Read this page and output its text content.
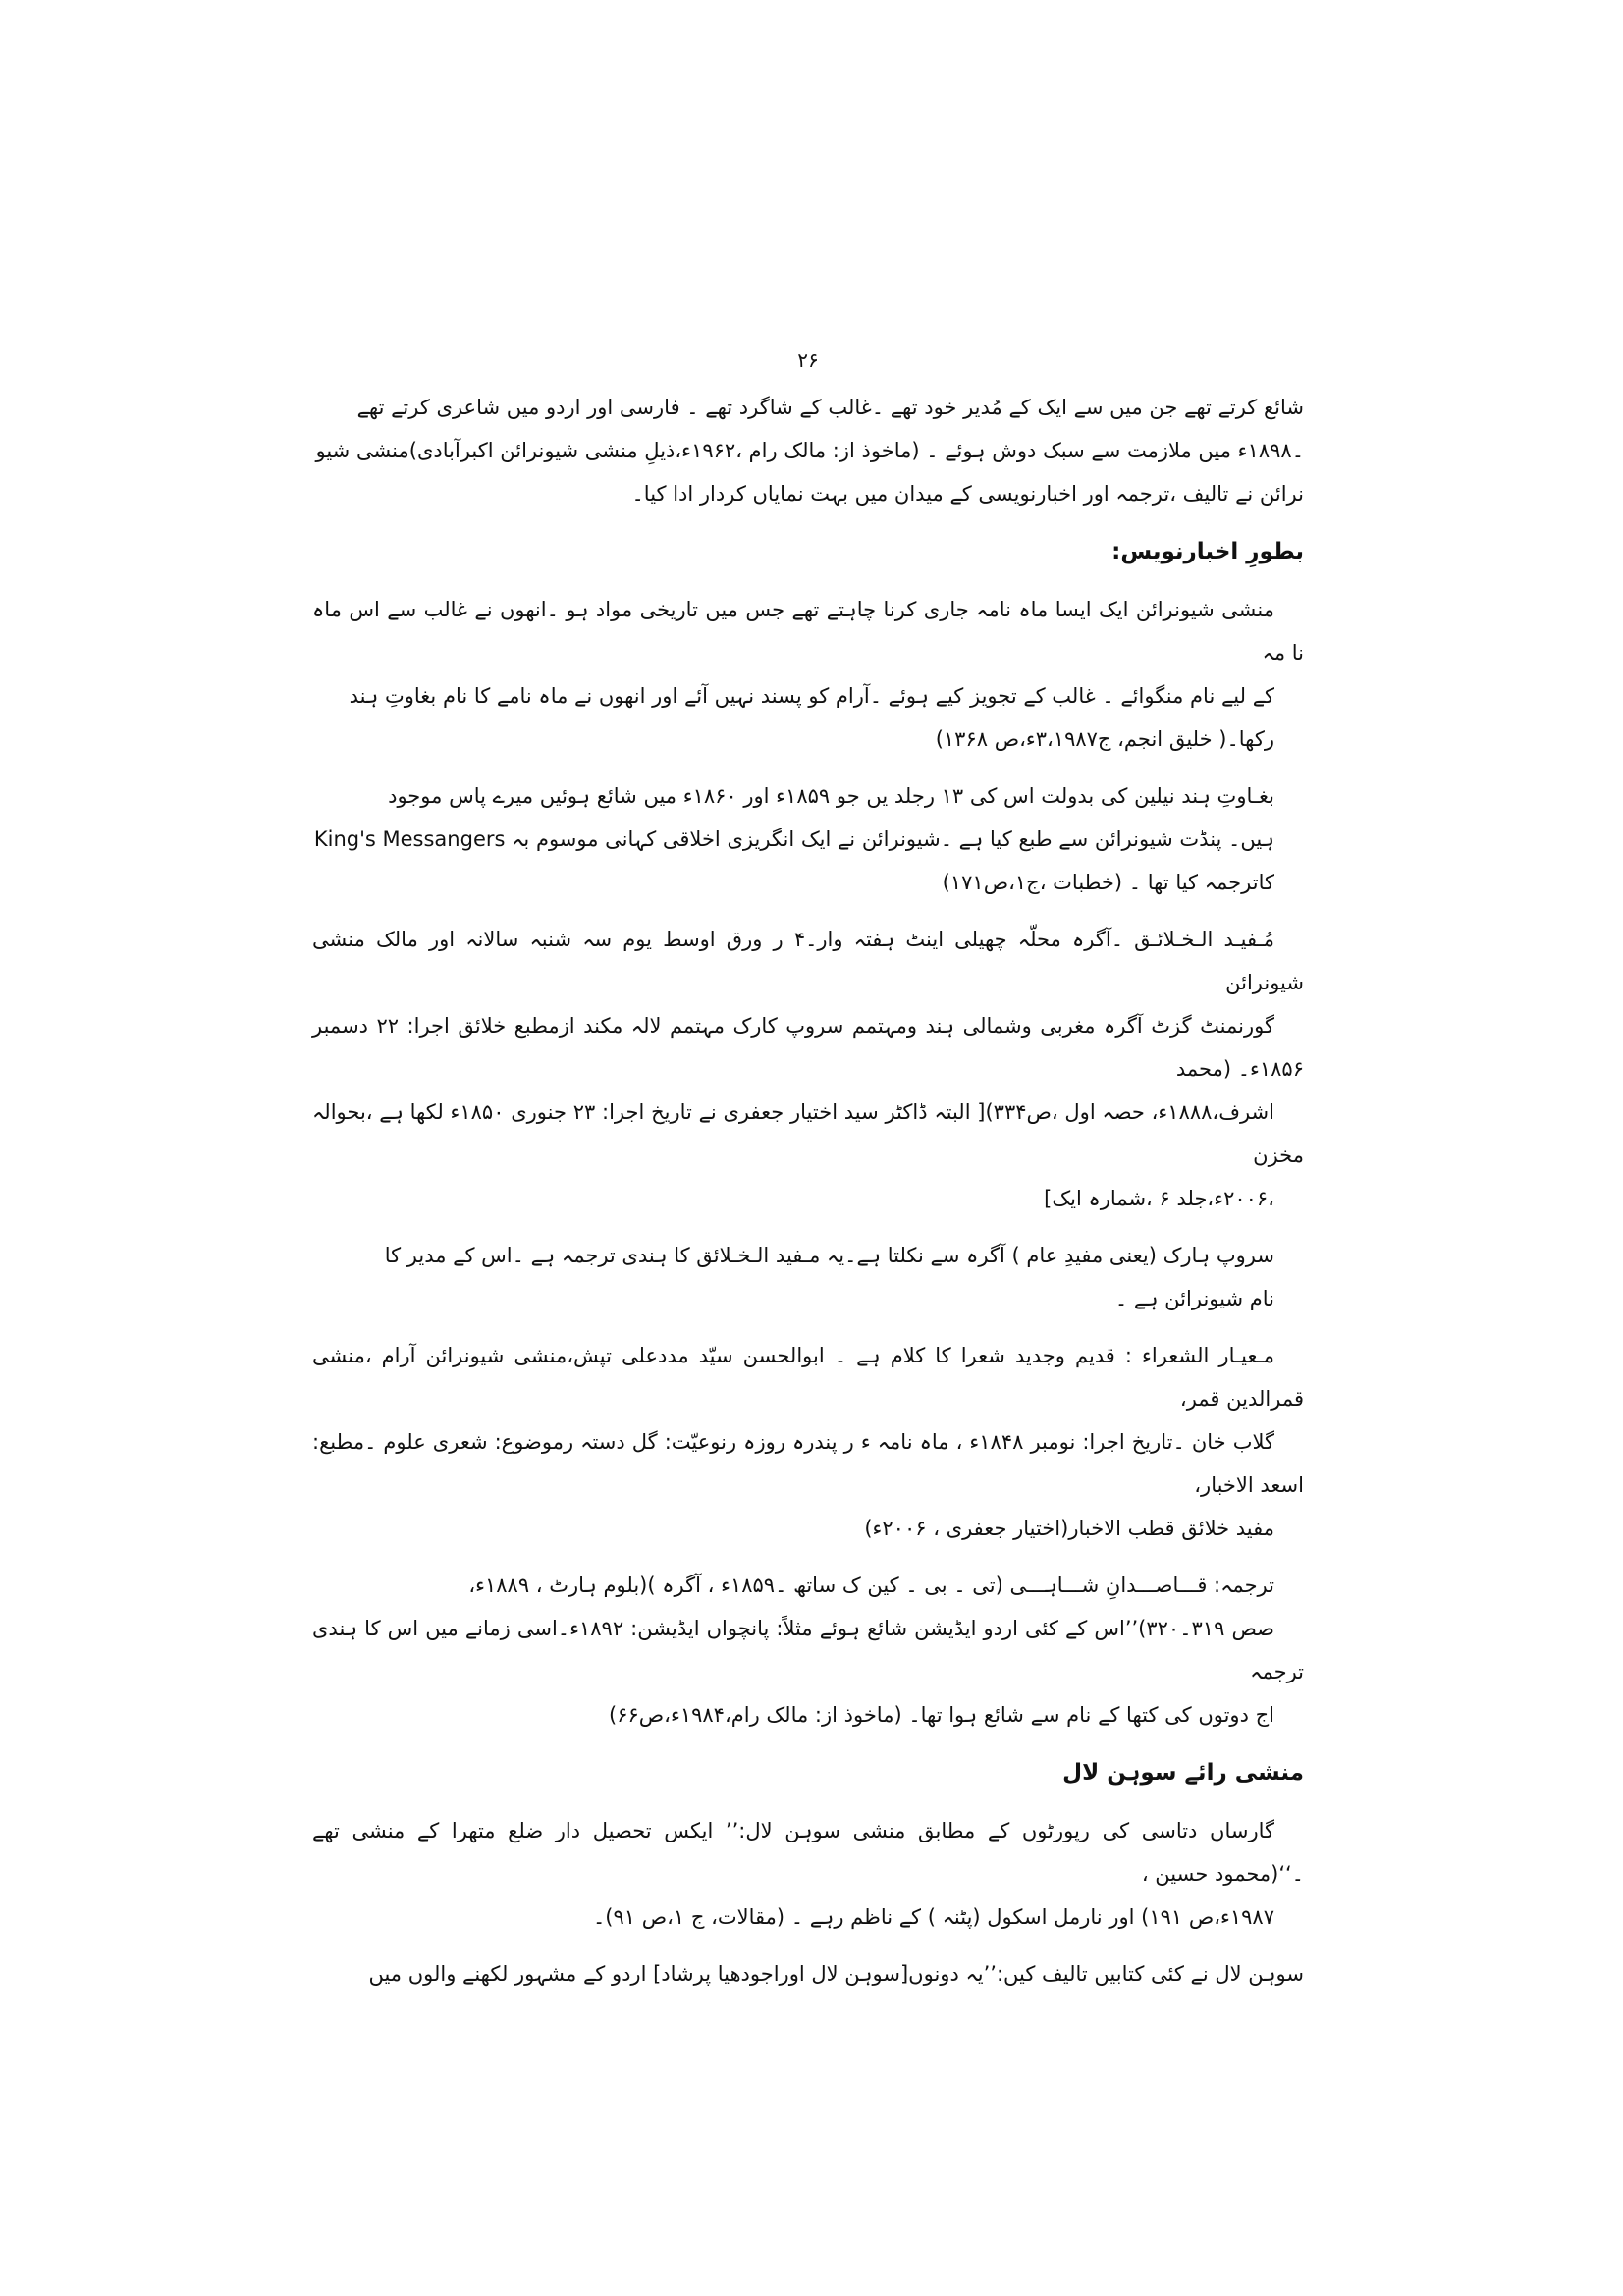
۲۶
شائع کرتے تھے جن میں سے ایک کے مُدیر خود تھے ۔غالب کے شاگرد تھے ۔ فارسی اور اردو میں شاعری کرتے تھے
۔۱۸۹۸ء میں ملازمت سے سبک دوش ہوئے ۔ (ماخوذ از: مالک رام ،۱۹۶۲ء،ذیلِ منشی شیونرائن اکبرآبادی)منشی شیو
نرائن نے تالیف ،ترجمہ اور اخبارنویسی کے میدان میں بہت نمایاں کردار ادا کیا۔
بطورِ اخبارنویس:
منشی شیونرائن ایک ایسا ماہ نامہ جاری کرنا چاہتے تھے جس میں تاریخی مواد ہو ۔انھوں نے غالب سے اس ماہ نا مہ
کے لیے نام منگوائے ۔ غالب کے تجویز کیے ہوئے ۔آرام کو پسند نہیں آئے اور انھوں نے ماہ نامے کا نام بغاوتِ ہند
رکھا۔( خلیق انجم، ج۳،۱۹۸۷ء،ص ۱۳۶۸)
بغـاوتِ ہند نیلین کی بدولت اس کی ۱۳ رجلد یں جو ۱۸۵۹ء اور ۱۸۶۰ء میں شائع ہوئیں میرے پاس موجود
ہیں۔ پنڈت شیونرائن سے طبع کیا ہے ۔شیونرائن نے ایک انگریزی اخلاقی کہانی موسوم بہ King's Messangers
کاترجمہ کیا تھا ۔ (خطبات ،ج۱،ص۱۷۱)
مُـفیـد الـخـلائـق ۔آگرہ محلّہ چھیلی اینٹ ہفتہ وار۔۴ ر ورق اوسط یوم سہ شنبہ سالانہ اور مالک منشی شیونرائن
گورنمنٹ گزٹ آگرہ مغربی وشمالی ہند ومہتمم سروپ کارک مہتمم لالہ مکند ازمطبع خلائق اجرا: ۲۲ دسمبر ۱۸۵۶ء۔ (محمد
اشرف،۱۸۸۸ء، حصہ اول ،ص۳۳۴)[ البتہ ڈاکٹر سید اختیار جعفری نے تاریخ اجرا: ۲۳ جنوری ۱۸۵۰ء لکھا ہے ،بحوالہ مخزن
،۲۰۰۶ء،جلد ۶ ،شمارہ ایک]
سروپ ہارک (یعنی مفیدِ عام ) آگرہ سے نکلتا ہے۔یہ مـفید الـخـلائق کا ہندی ترجمہ ہے ۔اس کے مدیر کا
نام شیونرائن ہے ۔
مـعیـار الشعراء : قدیم وجدید شعرا کا کلام ہے ۔ ابوالحسن سیّد مددعلی تپش،منشی شیونرائن آرام ،منشی قمرالدین قمر،
گلاب خان ۔تاریخ اجرا: نومبر ۱۸۴۸ء ، ماہ نامہ ء ر پندرہ روزہ رنوعیّت: گل دستہ رموضوع: شعری علوم ۔مطبع: اسعد الاخبار،
مفید خلائق قطب الاخبار(اختیار جعفری ، ۲۰۰۶ء)
ترجمہ: قـــاصـــدانِ شـــاہـــی (تی ۔ بی ۔ کین ک ساتھ ۔۱۸۵۹ء ، آگرہ )(بلوم ہارٹ ، ۱۸۸۹ء،
صص ۳۱۹۔۳۲۰)’’اس کے کئی اردو ایڈیشن شائع ہوئے مثلاً: پانچواں ایڈیشن: ۱۸۹۲ء۔اسی زمانے میں اس کا ہندی ترجمہ
اج دوتوں کی کتھا کے نام سے شائع ہوا تھا۔ (ماخوذ از: مالک رام،۱۹۸۴ء،ص۶۶)
منشی رائے سوہن لال
گارساں دتاسی کی رپورٹوں کے مطابق منشی سوہن لال:’’ ایکس تحصیل دار ضلع متھرا کے منشی تھے ۔‘‘(محمود حسین ،
۱۹۸۷ء،ص ۱۹۱) اور نارمل اسکول (پٹنہ ) کے ناظم رہے ۔ (مقالات، ج ۱،ص ۹۱)۔
سوہن لال نے کئی کتابیں تالیف کیں:’’یہ دونوں[سوہن لال اوراجودھیا پرشاد] اردو کے مشہور لکھنے والوں میں
